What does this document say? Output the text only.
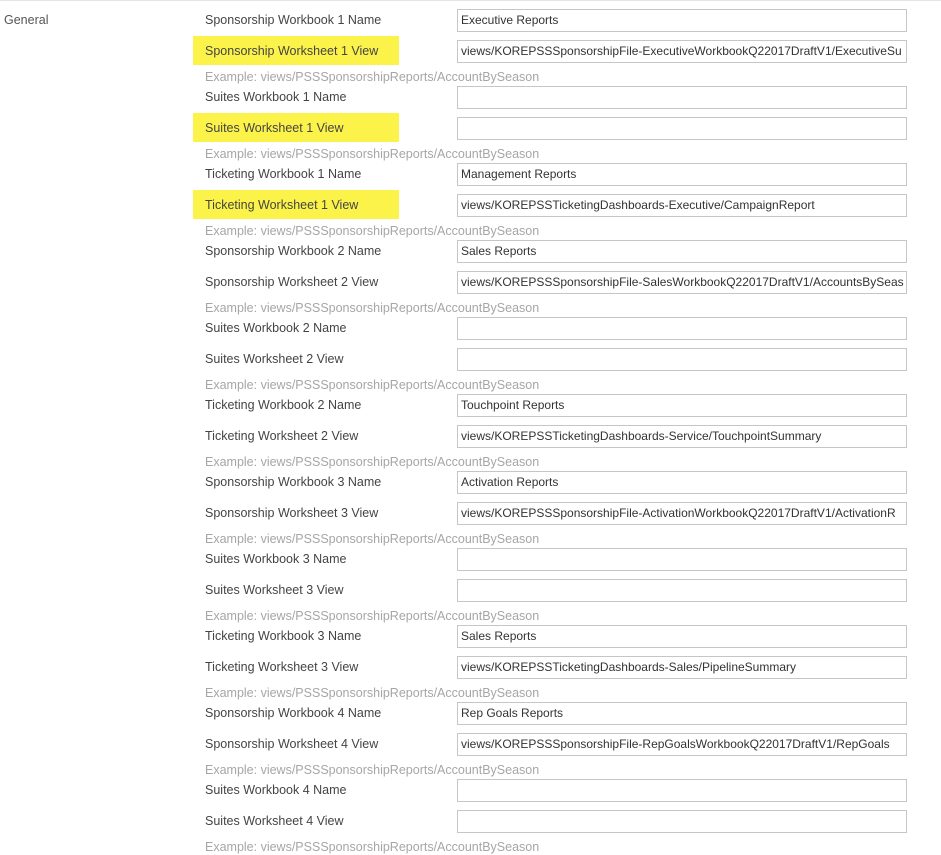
General	Sponsorship Workbook 1 Name	Executive Reports
Sponsorship Worksheet 1 View	views/KOREPSSSponsorshipFile-ExecutiveWorkbookQ22017DraftV1/ExecutiveSu
Example: views/PSSSponsorshipReports/AccountBySeason
Suites Workbook 1 Name
Suites Worksheet 1 View
Example: views/PSSSponsorshipReports/AccountBySeason
Ticketing Workbook 1 Name	Management Reports
Ticketing Worksheet 1 View	views/KOREPSSTicketingDashboards-Executive/CampaignReport
Example: views/PSSSponsorshipReports/AccountBySeason
Sponsorship Workbook 2 Name	Sales Reports
Sponsorship Worksheet 2 View	views/KOREPSSSponsorshipFile-SalesWorkbookQ22017DraftV1/AccountsBySeas
Example: views/PSSSponsorshipReports/AccountBySeason
Suites Workbook 2 Name
Suites Worksheet 2 View
Example: views/PSSSponsorshipReports/AccountBySeason
Ticketing Workbook 2 Name	Touchpoint Reports
Ticketing Worksheet 2 View	views/KOREPSSTicketingDashboards-Service/TouchpointSummary
Example: views/PSSSponsorshipReports/AccountBySeason
Sponsorship Workbook 3 Name	Activation Reports
Sponsorship Worksheet 3 View	views/KOREPSSSponsorshipFile-ActivationWorkbookQ22017DraftV1/ActivationR
Example: views/PSSSponsorshipReports/AccountBySeason
Suites Workbook 3 Name
Suites Worksheet 3 View
Example: views/PSSSponsorshipReports/AccountBySeason
Ticketing Workbook 3 Name	Sales Reports
Ticketing Worksheet 3 View	views/KOREPSSTicketingDashboards-Sales/PipelineSummary
Example: views/PSSSponsorshipReports/AccountBySeason
Sponsorship Workbook 4 Name	Rep Goals Reports
Sponsorship Worksheet 4 View	views/KOREPSSSponsorshipFile-RepGoalsWorkbookQ22017DraftV1/RepGoals
Example: views/PSSSponsorshipReports/AccountBySeason
Suites Workbook 4 Name
Suites Worksheet 4 View
Example: views/PSSSponsorshipReports/AccountBySeason
